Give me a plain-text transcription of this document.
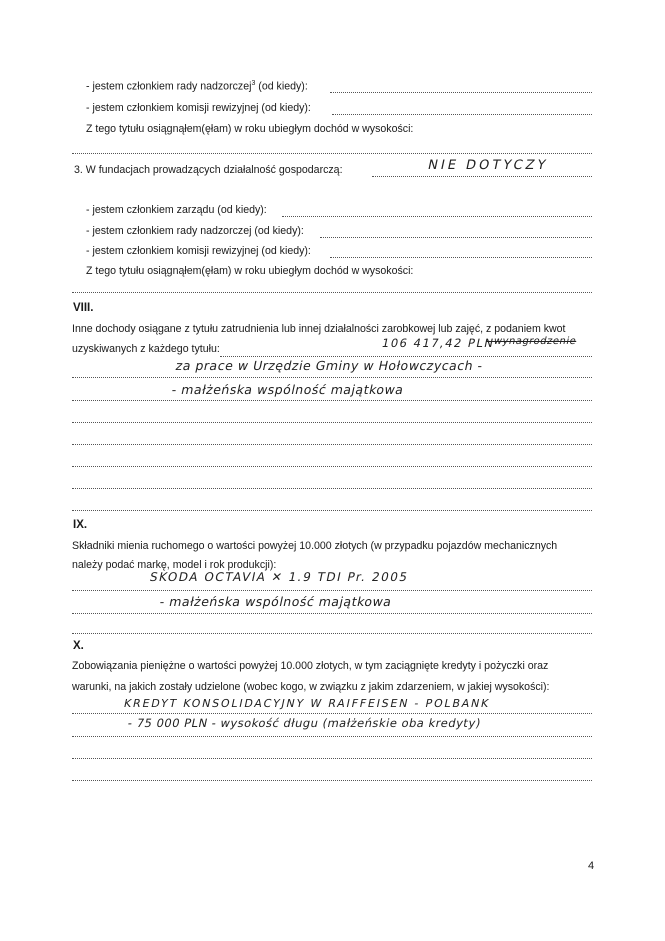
- jestem członkiem rady nadzorczej$^3$ (od kiedy):
- jestem członkiem komisji rewizyjnej (od kiedy):
Z tego tytułu osiągnąłem(ęłam) w roku ubiegłym dochód w wysokości:
3. W fundacjach prowadzących działalność gospodarczą:	NIE DOTYCZY
- jestem członkiem zarządu (od kiedy):
- jestem członkiem rady nadzorczej (od kiedy):
- jestem członkiem komisji rewizyjnej (od kiedy):
Z tego tytułu osiągnąłem(ęłam) w roku ubiegłym dochód w wysokości:
VIII.
Inne dochody osiągane z tytułu zatrudnienia lub innej działalności zarobkowej lub zajęć, z podaniem kwot
uzyskiwanych z każdego tytułu:	106 417,42 PLN
- wynagrodzenie
za prace w Urzędzie Gminy w Hołowczycach -
- małżeńska wspólność majątkowa
IX.
Składniki mienia ruchomego o wartości powyżej 10.000 złotych (w przypadku pojazdów mechanicznych
należy podać markę, model i rok produkcji):
SKODA OCTAVIA ✕ 1.9 TDI Pr. 2005
- małżeńska wspólność majątkowa
X.
Zobowiązania pieniężne o wartości powyżej 10.000 złotych, w tym zaciągnięte kredyty i pożyczki oraz
warunki, na jakich zostały udzielone (wobec kogo, w związku z jakim zdarzeniem, w jakiej wysokości):
KREDYT KONSOLIDACYJNY W RAIFFEISEN - POLBANK
- 75 000 PLN - wysokość długu (małżeńskie oba kredyty)
4
